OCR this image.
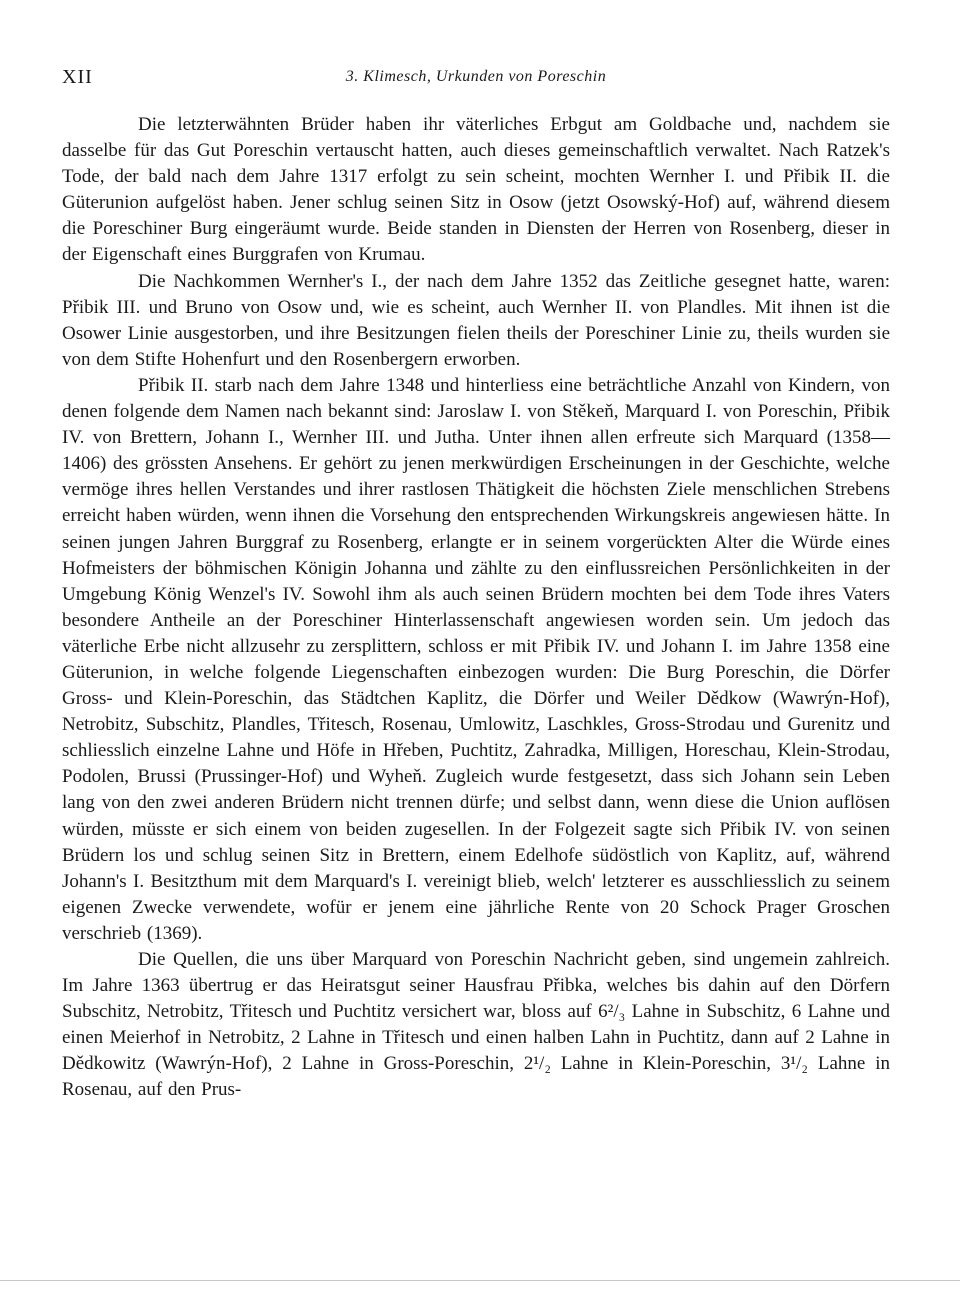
XII	3. Klimesch, Urkunden von Poreschin

Die letzterwähnten Brüder haben ihr väterliches Erbgut am Goldbache und, nachdem sie dasselbe für das Gut Poreschin vertauscht hatten, auch dieses gemeinschaftlich verwaltet. Nach Ratzek's Tode, der bald nach dem Jahre 1317 erfolgt zu sein scheint, mochten Wernher I. und Přibik II. die Güterunion aufgelöst haben. Jener schlug seinen Sitz in Osow (jetzt Osowský-Hof) auf, während diesem die Poreschiner Burg eingeräumt wurde. Beide standen in Diensten der Herren von Rosenberg, dieser in der Eigenschaft eines Burggrafen von Krumau.

Die Nachkommen Wernher's I., der nach dem Jahre 1352 das Zeitliche gesegnet hatte, waren: Přibik III. und Bruno von Osow und, wie es scheint, auch Wernher II. von Plandles. Mit ihnen ist die Osower Linie ausgestorben, und ihre Besitzungen fielen theils der Poreschiner Linie zu, theils wurden sie von dem Stifte Hohenfurt und den Rosenbergern erworben.

Přibik II. starb nach dem Jahre 1348 und hinterliess eine beträchtliche Anzahl von Kindern, von denen folgende dem Namen nach bekannt sind: Jaroslaw I. von Stěkeň, Marquard I. von Poreschin, Přibik IV. von Brettern, Johann I., Wernher III. und Jutha. Unter ihnen allen erfreute sich Marquard (1358—1406) des grössten Ansehens. Er gehört zu jenen merkwürdigen Erscheinungen in der Geschichte, welche vermöge ihres hellen Verstandes und ihrer rastlosen Thätigkeit die höchsten Ziele menschlichen Strebens erreicht haben würden, wenn ihnen die Vorsehung den entsprechenden Wirkungskreis angewiesen hätte. In seinen jungen Jahren Burggraf zu Rosenberg, erlangte er in seinem vorgerückten Alter die Würde eines Hofmeisters der böhmischen Königin Johanna und zählte zu den einflussreichen Persönlichkeiten in der Umgebung König Wenzel's IV. Sowohl ihm als auch seinen Brüdern mochten bei dem Tode ihres Vaters besondere Antheile an der Poreschiner Hinterlassenschaft angewiesen worden sein. Um jedoch das väterliche Erbe nicht allzusehr zu zersplittern, schloss er mit Přibik IV. und Johann I. im Jahre 1358 eine Güterunion, in welche folgende Liegenschaften einbezogen wurden: Die Burg Poreschin, die Dörfer Gross- und Klein-Poreschin, das Städtchen Kaplitz, die Dörfer und Weiler Dědkow (Wawrýn-Hof), Netrobitz, Subschitz, Plandles, Třitesch, Rosenau, Umlowitz, Laschkles, Gross-Strodau und Gurenitz und schliesslich einzelne Lahne und Höfe in Hřeben, Puchtitz, Zahradka, Milligen, Horeschau, Klein-Strodau, Podolen, Brussi (Prussinger-Hof) und Wyheň. Zugleich wurde festgesetzt, dass sich Johann sein Leben lang von den zwei anderen Brüdern nicht trennen dürfe; und selbst dann, wenn diese die Union auflösen würden, müsste er sich einem von beiden zugesellen. In der Folgezeit sagte sich Přibik IV. von seinen Brüdern los und schlug seinen Sitz in Brettern, einem Edelhofe südöstlich von Kaplitz, auf, während Johann's I. Besitzthum mit dem Marquard's I. vereinigt blieb, welch' letzterer es ausschliesslich zu seinem eigenen Zwecke verwendete, wofür er jenem eine jährliche Rente von 20 Schock Prager Groschen verschrieb (1369).

Die Quellen, die uns über Marquard von Poreschin Nachricht geben, sind ungemein zahlreich. Im Jahre 1363 übertrug er das Heiratsgut seiner Hausfrau Přibka, welches bis dahin auf den Dörfern Subschitz, Netrobitz, Třitesch und Puchtitz versichert war, bloss auf 6²/₃ Lahne in Subschitz, 6 Lahne und einen Meierhof in Netrobitz, 2 Lahne in Třitesch und einen halben Lahn in Puchtitz, dann auf 2 Lahne in Dědkowitz (Wawrýn-Hof), 2 Lahne in Gross-Poreschin, 2¹/₂ Lahne in Klein-Poreschin, 3¹/₂ Lahne in Rosenau, auf den Prus-
